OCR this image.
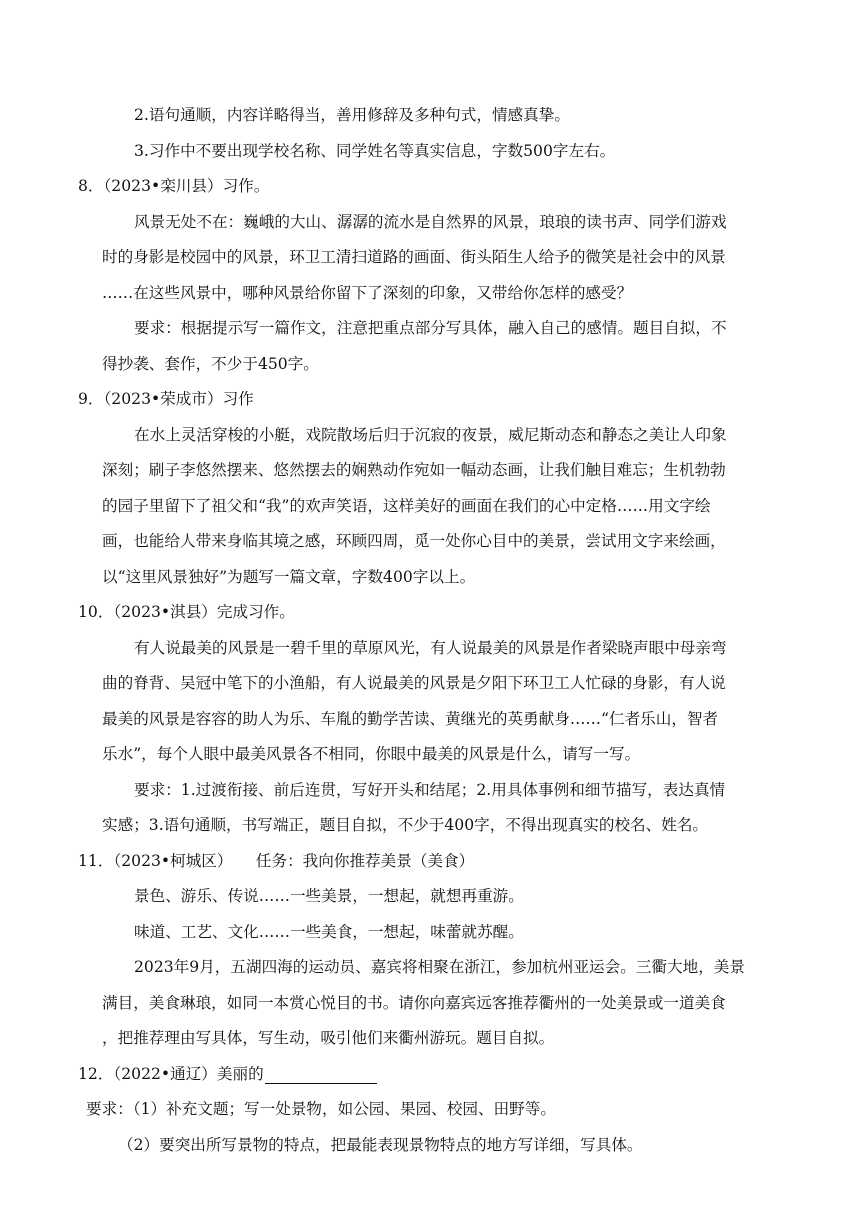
2.语句通顺，内容详略得当，善用修辞及多种句式，情感真挚。
3.习作中不要出现学校名称、同学姓名等真实信息，字数500字左右。
8．（2023•栾川县）习作。
风景无处不在：巍峨的大山、潺潺的流水是自然界的风景，琅琅的读书声、同学们游戏
时的身影是校园中的风景，环卫工清扫道路的画面、街头陌生人给予的微笑是社会中的风景
……在这些风景中，哪种风景给你留下了深刻的印象，又带给你怎样的感受？
要求：根据提示写一篇作文，注意把重点部分写具体，融入自己的感情。题目自拟，不
得抄袭、套作，不少于450字。
9．（2023•荣成市）习作
在水上灵活穿梭的小艇，戏院散场后归于沉寂的夜景，威尼斯动态和静态之美让人印象
深刻；刷子李悠然摆来、悠然摆去的娴熟动作宛如一幅动态画，让我们触目难忘；生机勃勃
的园子里留下了祖父和“我”的欢声笑语，这样美好的画面在我们的心中定格……用文字绘
画，也能给人带来身临其境之感，环顾四周，觅一处你心目中的美景，尝试用文字来绘画，
以“这里风景独好”为题写一篇文章，字数400字以上。
10．（2023•淇县）完成习作。
有人说最美的风景是一碧千里的草原风光，有人说最美的风景是作者梁晓声眼中母亲弯
曲的脊背、吴冠中笔下的小渔船，有人说最美的风景是夕阳下环卫工人忙碌的身影，有人说
最美的风景是容容的助人为乐、车胤的勤学苦读、黄继光的英勇献身……“仁者乐山，智者
乐水”，每个人眼中最美风景各不相同，你眼中最美的风景是什么，请写一写。
要求：1.过渡衔接、前后连贯，写好开头和结尾；2.用具体事例和细节描写，表达真情
实感；3.语句通顺，书写端正，题目自拟，不少于400字，不得出现真实的校名、姓名。
11．（2023•柯城区）　　任务：我向你推荐美景（美食）
景色、游乐、传说……一些美景，一想起，就想再重游。
味道、工艺、文化……一些美食，一想起，味蕾就苏醒。
2023年9月，五湖四海的运动员、嘉宾将相聚在浙江，参加杭州亚运会。三衢大地，美景
满目，美食琳琅，如同一本赏心悦目的书。请你向嘉宾远客推荐衢州的一处美景或一道美食
，把推荐理由写具体，写生动，吸引他们来衢州游玩。题目自拟。
12．（2022•通辽）美丽的
要求：（1）补充文题；写一处景物，如公园、果园、校园、田野等。
（2）要突出所写景物的特点，把最能表现景物特点的地方写详细，写具体。
